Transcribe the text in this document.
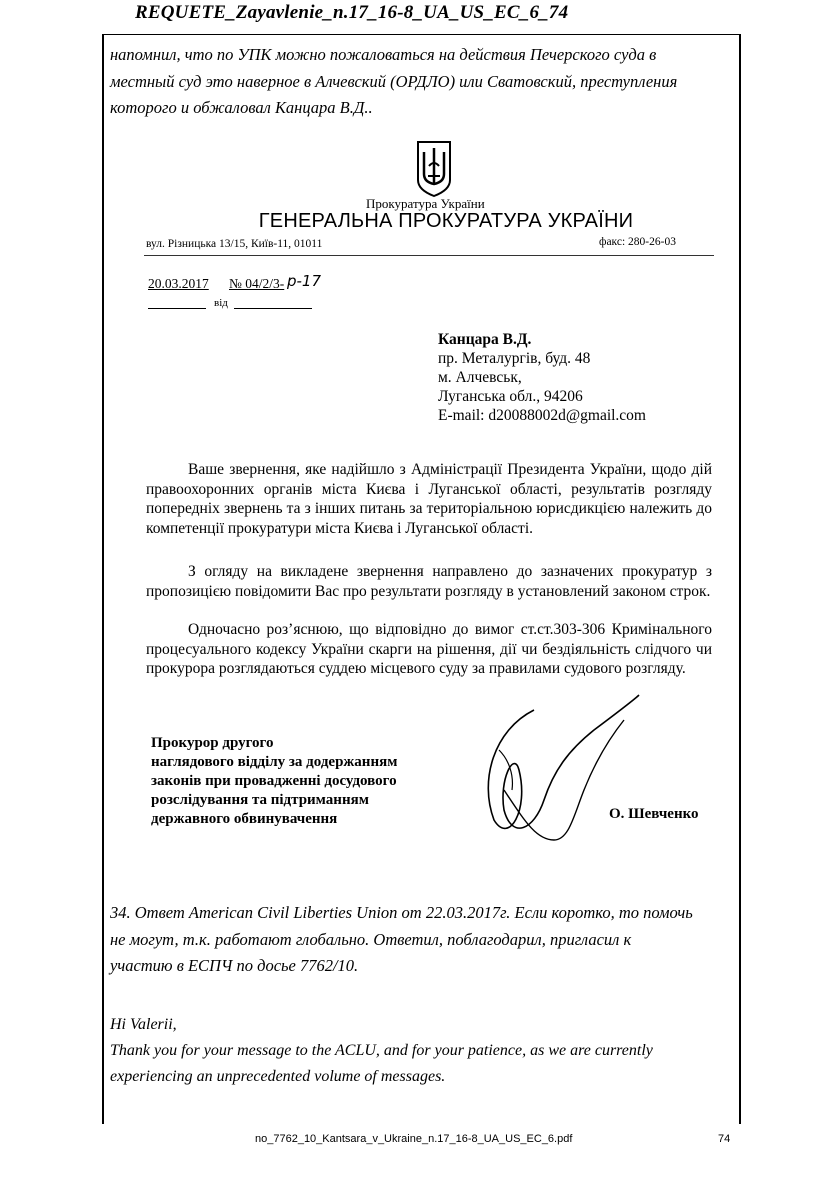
REQUETE_Zayavlenie_n.17_16-8_UA_US_EC_6_74

напомнил, что по УПК можно пожаловаться на действия Печерского суда в

местный суд это наверное в Алчевский (ОРДЛО) или Сватовский, преступления

которого и обжаловал Канцара В.Д..

Прокуратура України
ГЕНЕРАЛЬНА ПРОКУРАТУРА УКРАЇНИ
вул. Різницька 13/15, Київ-11, 01011	факс: 280-26-03
20.03.2017 № 04/2/3- р-17
від
Канцара В.Д.
пр. Металургів, буд. 48
м. Алчевськ,
Луганська обл., 94206
E-mail: d20088002d@gmail.com

Ваше звернення, яке надійшло з Адміністрації Президента України, щодо дій правоохоронних органів міста Києва і Луганської області, результатів розгляду попередніх звернень та з інших питань за територіальною юрисдикцією належить до компетенції прокуратури міста Києва і Луганської області.

З огляду на викладене звернення направлено до зазначених прокуратур з пропозицією повідомити Вас про результати розгляду в установлений законом строк.

Одночасно роз’яснюю, що відповідно до вимог ст.ст.303-306 Кримінального процесуального кодексу України скарги на рішення, дії чи бездіяльність слідчого чи прокурора розглядаються суддею місцевого суду за правилами судового розгляду.

Прокурор другого
наглядового відділу за додержанням
законів при провадженні досудового
розслідування та підтриманням
державного обвинувачення	О. Шевченко

34. Ответ American Civil Liberties Union от 22.03.2017г. Если коротко, то помочь

не могут, т.к. работают глобально. Ответил, поблагодарил, пригласил к

участию в ЕСПЧ по досье 7762/10.

Hi Valerii,

Thank you for your message to the ACLU, and for your patience, as we are currently

experiencing an unprecedented volume of messages.

no_7762_10_Kantsara_v_Ukraine_n.17_16-8_UA_US_EC_6.pdf	74
